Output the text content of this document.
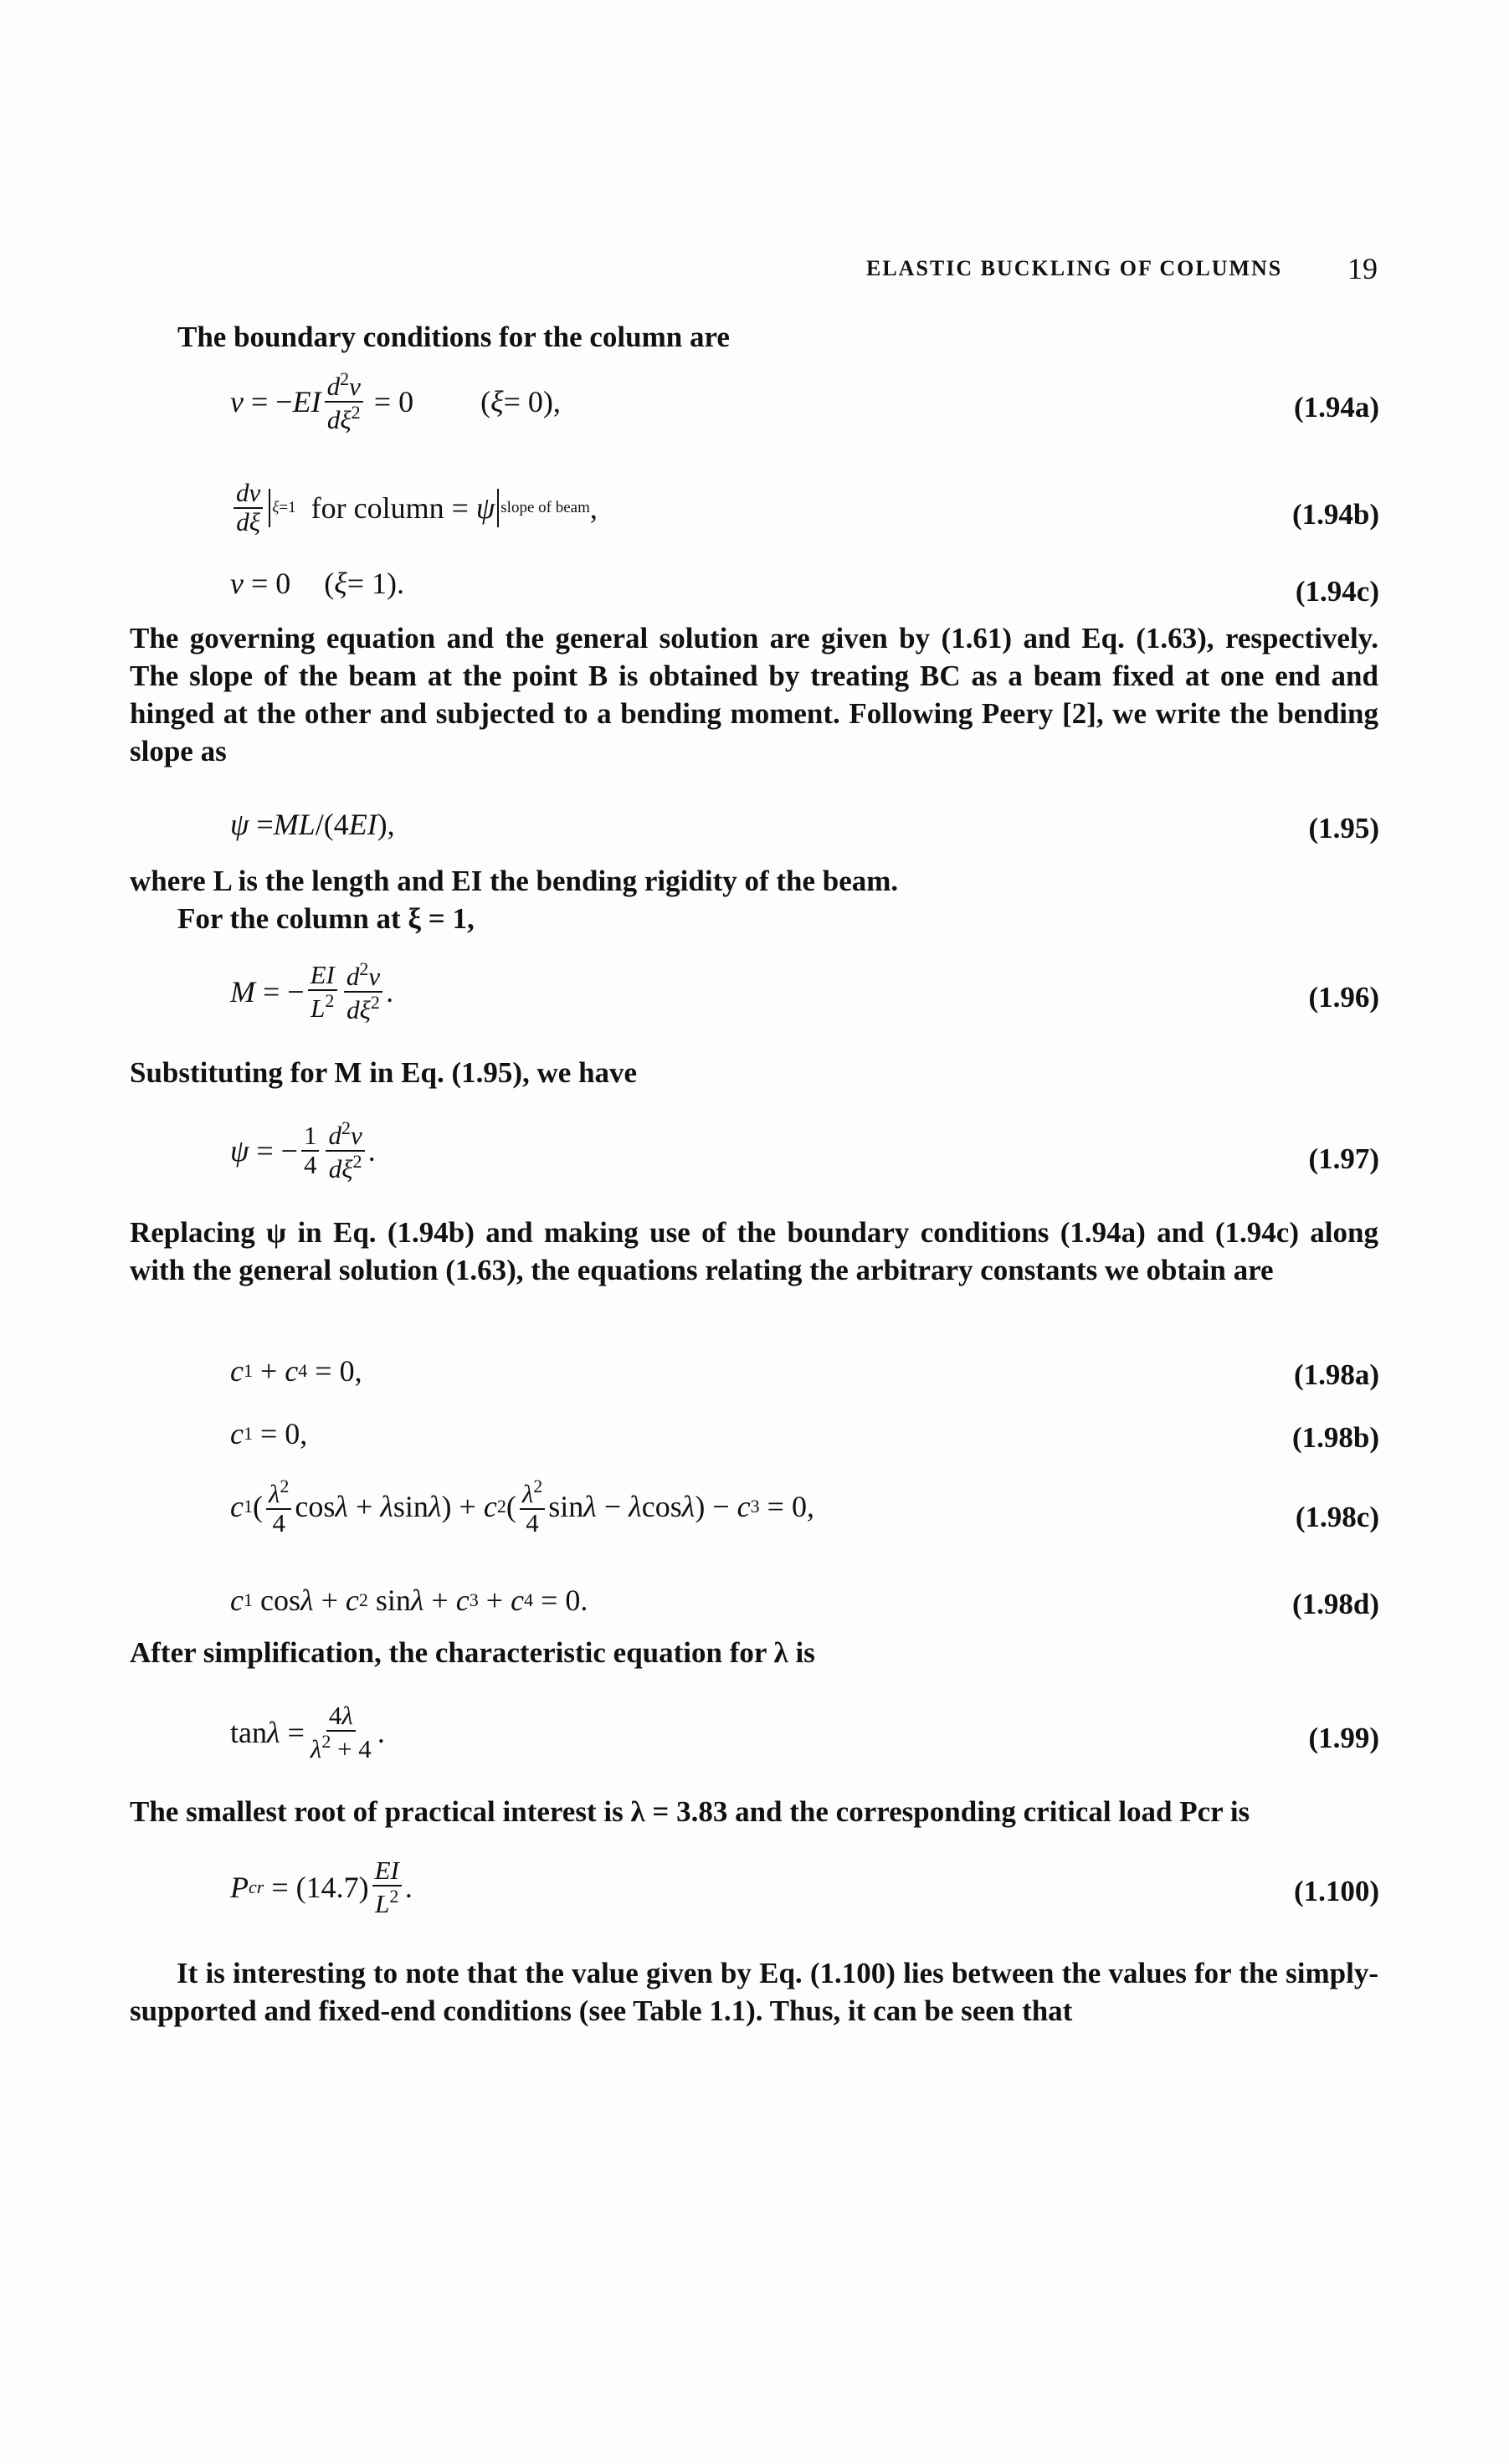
ELASTIC BUCKLING OF COLUMNS 19
The boundary conditions for the column are
v = − EI $\frac{d^2v}{d\xi^2} = 0$ ( ξ = 0),	(1.94a)
$\frac{dv}{d\xi} \xi=1$
for column = ψ slope of beam ,	(1.94b)
v = 0 ( ξ = 1).	(1.94c)
The governing equation and the general solution are given by (1.61) and Eq. (1.63), respectively. The slope of the beam at the point B is obtained by treating BC as a beam fixed at one end and hinged at the other and subjected to a bending moment. Following Peery [2], we write the bending slope as
ψ = ML /(4 EI ),	(1.95)
where L is the length and EI the bending rigidity of the beam.
For the column at ξ = 1,
M = − $\frac{EI}{L^2} \frac{d^2v}{d\xi^2}$ .	(1.96)
Substituting for M in Eq. (1.95), we have
ψ = − $\frac{1}{4} \frac{d^2v}{d\xi^2}$ .	(1.97)
Replacing ψ in Eq. (1.94b) and making use of the boundary conditions (1.94a) and (1.94c) along with the general solution (1.63), the equations relating the arbitrary constants we obtain are
c 1 + c 4 = 0,	(1.98a)
c 1 = 0,	(1.98b)
c 1 ( $\frac{\lambda^2}{4}$ cos λ + λ sin λ ) + c 2 ( $\frac{\lambda^2}{4}$ sin λ − λ cos λ ) − c 3 = 0,	(1.98c)
c 1 cos λ + c 2 sin λ + c 3 + c 4 = 0.	(1.98d)
After simplification, the characteristic equation for λ is
$\tan \lambda = \frac{4\lambda}{\lambda^2 + 4}$ .	(1.99)
The smallest root of practical interest is λ = 3.83 and the corresponding critical load Pcr is
P cr = $(14.7) \frac{EI}{L^2}$ .	(1.100)
It is interesting to note that the value given by Eq. (1.100) lies between the values for the simply-supported and fixed-end conditions (see Table 1.1). Thus, it can be seen that
